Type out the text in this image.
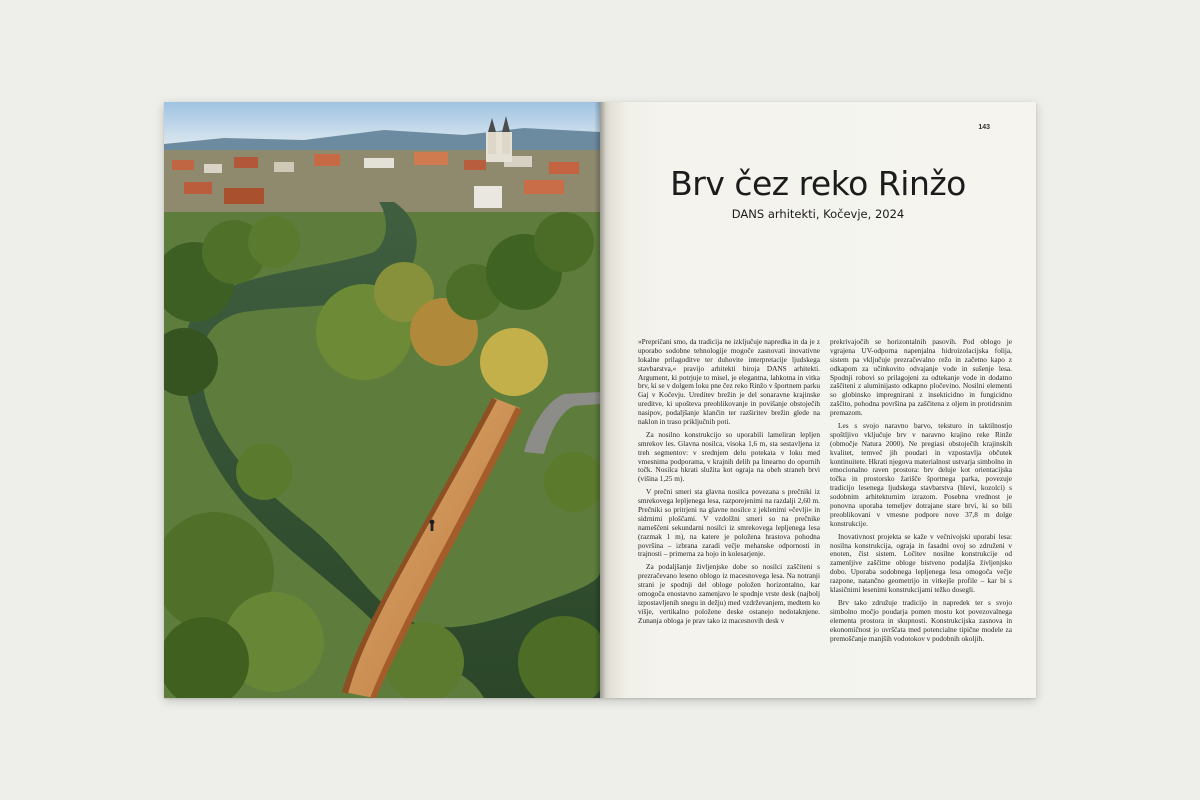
143
Brv čez reko Rinžo
DANS arhitekti, Kočevje, 2024

»Prepričani smo, da tradicija ne izključuje napredka in da je z uporabo sodobne tehnologije mogoče zasnovati inovativne lokalne prilagoditve ter duhovite interpretacije ljudskega stavbarstva,« pravijo arhitekti biroja DANS arhitekti. Argument, ki potrjuje to misel, je elegantna, lahkotna in vitka brv, ki se v dolgem loku pne čez reko Rinžo v športnem parku Gaj v Kočevju. Ureditev brežin je del sonaravne krajinske ureditve, ki upošteva preoblikovanje in povišanje obstoječih nasipov, podaljšanje klančin ter razširitev brežin glede na naklon in traso priključnih poti.

Za nosilno konstrukcijo so uporabili lameliran lepljen smrekov les. Glavna nosilca, visoka 1,6 m, sta sestavljena iz treh segmentov: v srednjem delu potekata v loku med vmesnima podporama, v krajnih delih pa linearno do opornih točk. Nosilca hkrati služita kot ograja na obeh straneh brvi (višina 1,25 m).

V prečni smeri sta glavna nosilca povezana s prečniki iz smrekovega lepljenega lesa, razporejenimi na razdalji 2,60 m. Prečniki so pritrjeni na glavne nosilce z jeklenimi »čevlji« in sidrnimi ploščami. V vzdolžni smeri so na prečnike nameščeni sekundarni nosilci iz smrekovega lepljenega lesa (razmak 1 m), na katere je položena hrastova pohodna površina – izbrana zaradi večje mehanske odpornosti in trajnosti – primerna za hojo in kolesarjenje.

Za podaljšanje življenjske dobe so nosilci zaščiteni s prezračevano leseno oblogo iz macesnovega lesa. Na notranji strani je spodnji del obloge položen horizontalno, kar omogoča enostavno zamenjavo le spodnje vrste desk (najbolj izpostavljenih snegu in dežju) med vzdrževanjem, medtem ko višje, vertikalno položene deske ostanejo nedotaknjene. Zunanja obloga je prav tako iz macesnovih desk v

prekrivajočih se horizontalnih pasovih. Pod oblogo je vgrajena UV-odporna napenjalna hidroizolacijska folija, sistem pa vključuje prezračevalno režo in začetno kapo z odkapom za učinkovito odvajanje vode in sušenje lesa. Spodnji robovi so prilagojeni za odtekanje vode in dodatno zaščiteni z aluminijasto odkapno pločevino. Nosilni elementi so globinsko impregnirani z insekticidno in fungicidno zaščito, pohodna površina pa zaščitena z oljem in protidrsnim premazom.

Les s svojo naravno barvo, teksturo in taktilnostjo spoštljivo vključuje brv v naravno krajino reke Rinže (območje Natura 2000). Ne pregiasi obstoječih krajinskih kvalitet, temveč jih poudari in vzpostavlja občutek kontinuitete. Hkrati njegova materialnost ustvarja simbolno in emocionalno raven prostora: brv deluje kot orientacijska točka in prostorsko žarišče športnega parka, povezuje tradicijo lesenega ljudskega stavbarstva (hlevi, kozolci) s sodobnim arhitekturnim izrazom. Posebna vrednost je ponovna uporaba temeljev dotrajane stare brvi, ki so bili preoblikovani v vmesne podpore nove 37,8 m dolge konstrukcije.

Inovativnost projekta se kaže v večnivojski uporabi lesa: nosilna konstrukcija, ograja in fasadni ovoj so združeni v enoten, čist sistem. Ločitev nosilne konstrukcije od zamenljive zaščitne obloge bistveno podaljša življenjsko dobo. Uporaba sodobnega lepljenega lesa omogoča večje razpone, natančno geometrijo in vitkejše profile – kar bi s klasičnimi lesenimi konstrukcijami težko dosegli.

Brv tako združuje tradicijo in napredek ter s svojo simbolno močjo poudarja pomen mostu kot povezovalnega elementa prostora in skupnosti. Konstrukcijska zasnova in ekonomičnost jo uvrščata med potencialne tipične modele za premoščanje manjših vodotokov v podobnih okoljih.
